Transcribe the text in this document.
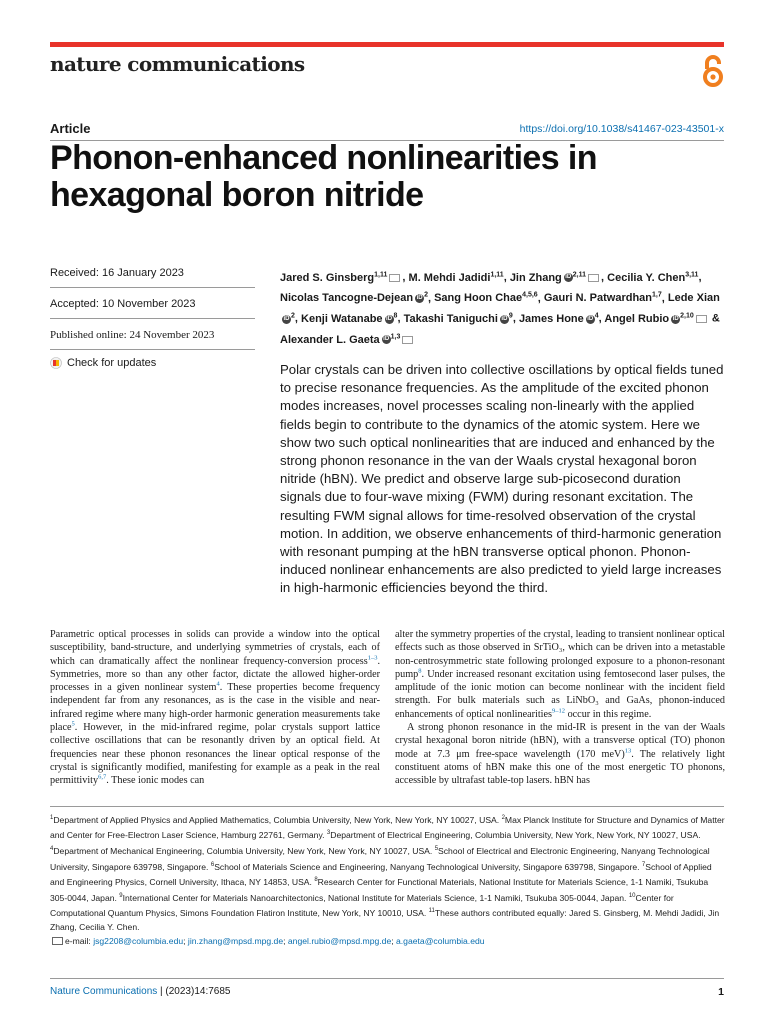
nature communications
Article	https://doi.org/10.1038/s41467-023-43501-x
Phonon-enhanced nonlinearities in hexagonal boron nitride
Received: 16 January 2023
Accepted: 10 November 2023
Published online: 24 November 2023
Check for updates
Jared S. Ginsberg$^{1,11}$ , M. Mehdi Jadidi$^{1,11}$, Jin Zhang iD $^{2,11}$ , Cecilia Y. Chen$^{3,11}$, Nicolas Tancogne-Dejean iD $^2$, Sang Hoon Chae$^{4,5,6}$, Gauri N. Patwardhan$^{1,7}$, Lede XianiD $^2$, Kenji Watanabe iD $^8$, Takashi Taniguchi iD $^9$, James Hone iD $^4$, Angel Rubio iD $^{2,10}$ & Alexander L. Gaeta iD $^{1,3}$

Polar crystals can be driven into collective oscillations by optical fields tuned to precise resonance frequencies. As the amplitude of the excited phonon modes increases, novel processes scaling non-linearly with the applied fields begin to contribute to the dynamics of the atomic system. Here we show two such optical nonlinearities that are induced and enhanced by the strong phonon resonance in the van der Waals crystal hexagonal boron nitride (hBN). We predict and observe large sub-picosecond duration signals due to four-wave mixing (FWM) during resonant excitation. The resulting FWM signal allows for time-resolved observation of the crystal motion. In addition, we observe enhancements of third-harmonic generation with resonant pumping at the hBN transverse optical phonon. Phonon-induced nonlinear enhancements are also predicted to yield large increases in high-harmonic efficiencies beyond the third.

Parametric optical processes in solids can provide a window into the optical susceptibility, band-structure, and underlying symmetries of crystals, each of which can dramatically affect the nonlinear frequency-conversion process$^{1-3}$. Symmetries, more so than any other factor, dictate the allowed higher-order processes in a given nonlinear system$^4$. These properties become frequency independent far from any resonances, as is the case in the visible and near-infrared regime where many high-order harmonic generation measurements take place$^5$. However, in the mid-infrared regime, polar crystals support lattice collective oscillations that can be resonantly driven by an optical field. At frequencies near these phonon resonances the linear optical response of the crystal is significantly modified, manifesting for example as a peak in the real permittivity$^{6,7}$. These ionic modes can

alter the symmetry properties of the crystal, leading to transient nonlinear optical effects such as those observed in SrTiO₃, which can be driven into a metastable non-centrosymmetric state following prolonged exposure to a phonon-resonant pump$^8$. Under increased resonant excitation using femtosecond laser pulses, the amplitude of the ionic motion can become nonlinear with the incident field strength. For bulk materials such as LiNbO₃ and GaAs, phonon-induced enhancements of optical nonlinearities$^{9-12}$ occur in this regime.

A strong phonon resonance in the mid-IR is present in the van der Waals crystal hexagonal boron nitride (hBN), with a transverse optical (TO) phonon mode at 7.3 μm free-space wavelength (170 meV)$^{13}$. The relatively light constituent atoms of hBN make this one of the most energetic TO phonons, accessible by ultrafast table-top lasers. hBN has

$^1$Department of Applied Physics and Applied Mathematics, Columbia University, New York, New York, NY 10027, USA. $^2$Max Planck Institute for Structure and Dynamics of Matter and Center for Free-Electron Laser Science, Hamburg 22761, Germany. $^3$Department of Electrical Engineering, Columbia University, New York, New York, NY 10027, USA. $^4$Department of Mechanical Engineering, Columbia University, New York, New York, NY 10027, USA. $^5$School of Electrical and Electronic Engineering, Nanyang Technological University, Singapore 639798, Singapore. $^6$School of Materials Science and Engineering, Nanyang Technological University, Singapore 639798, Singapore. $^7$School of Applied and Engineering Physics, Cornell University, Ithaca, NY 14853, USA. $^8$Research Center for Functional Materials, National Institute for Materials Science, 1-1 Namiki, Tsukuba 305-0044, Japan. $^9$International Center for Materials Nanoarchitectonics, National Institute for Materials Science, 1-1 Namiki, Tsukuba 305-0044, Japan. $^{10}$Center for Computational Quantum Physics, Simons Foundation Flatiron Institute, New York, NY 10010, USA. $^{11}$These authors contributed equally: Jared S. Ginsberg, M. Mehdi Jadidi, Jin Zhang, Cecilia Y. Chen.
e-mail: jsg2208@columbia.edu; jin.zhang@mpsd.mpg.de; angel.rubio@mpsd.mpg.de; a.gaeta@columbia.edu
Nature Communications | (2023)14:7685	1
